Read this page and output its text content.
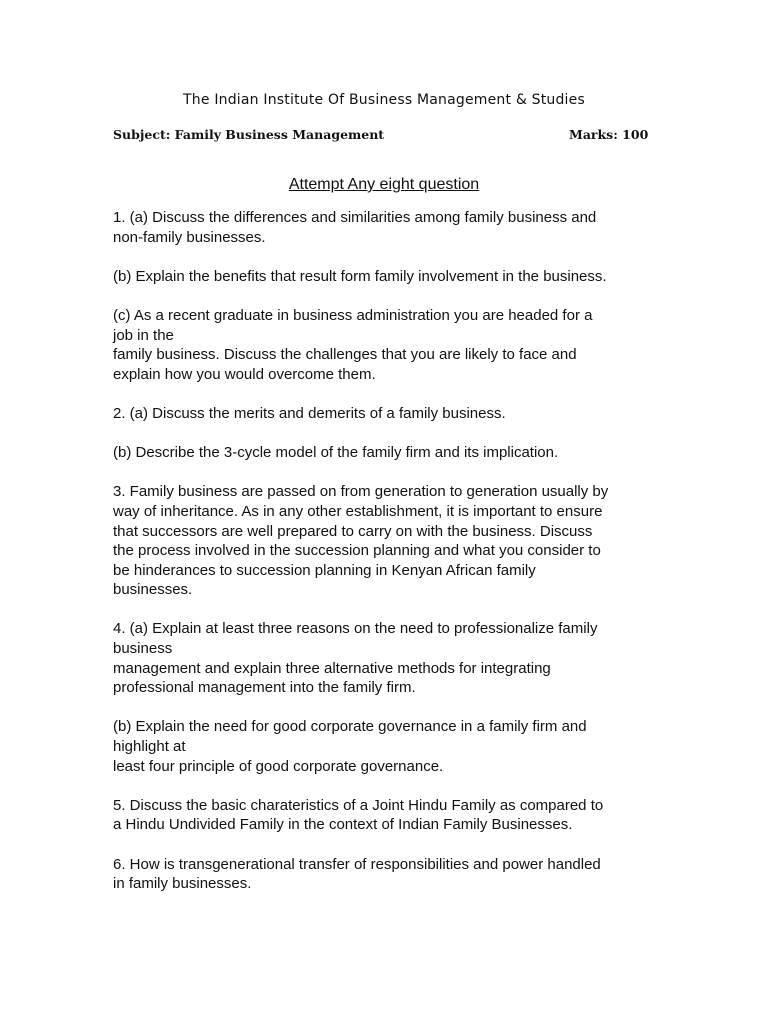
The Indian Institute Of Business Management & Studies
Subject: Family Business Management	Marks: 100
Attempt Any eight question
1. (a) Discuss the differences and similarities among family business and
non-family businesses.
(b) Explain the benefits that result form family involvement in the business.
(c) As a recent graduate in business administration you are headed for a
job in the
family business. Discuss the challenges that you are likely to face and
explain how you would overcome them.
2. (a) Discuss the merits and demerits of a family business.
(b) Describe the 3-cycle model of the family firm and its implication.
3. Family business are passed on from generation to generation usually by
way of inheritance. As in any other establishment, it is important to ensure
that successors are well prepared to carry on with the business. Discuss
the process involved in the succession planning and what you consider to
be hinderances to succession planning in Kenyan African family
businesses.
4. (a) Explain at least three reasons on the need to professionalize family
business
management and explain three alternative methods for integrating
professional management into the family firm.
(b) Explain the need for good corporate governance in a family firm and
highlight at
least four principle of good corporate governance.
5. Discuss the basic charateristics of a Joint Hindu Family as compared to
a Hindu Undivided Family in the context of Indian Family Businesses.
6. How is transgenerational transfer of responsibilities and power handled
in family businesses.
